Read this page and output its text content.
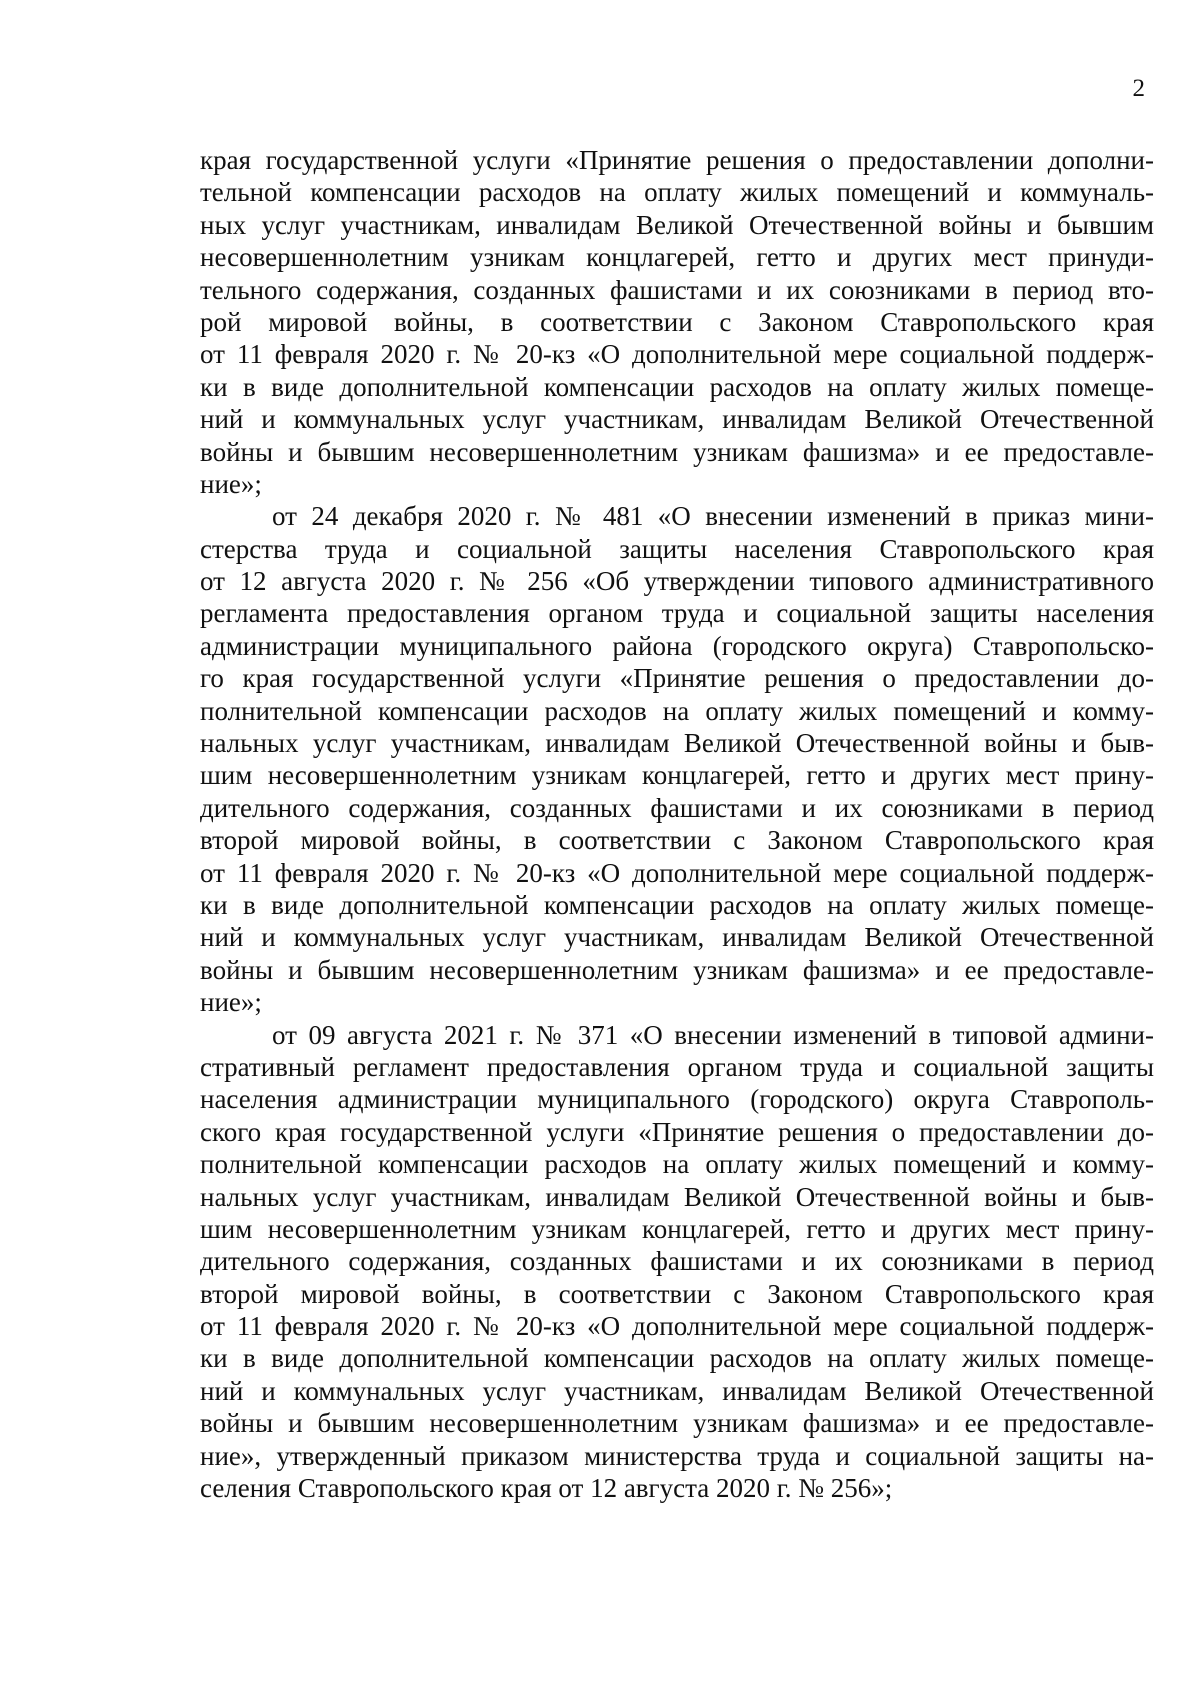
2
края государственной услуги «Принятие решения о предоставлении дополни-
тельной компенсации расходов на оплату жилых помещений и коммуналь-
ных услуг участникам, инвалидам Великой Отечественной войны и бывшим
несовершеннолетним узникам концлагерей, гетто и других мест принуди-
тельного содержания, созданных фашистами и их союзниками в период вто-
рой мировой войны, в соответствии с Законом Ставропольского края
от 11 февраля 2020 г. № 20-кз «О дополнительной мере социальной поддерж-
ки в виде дополнительной компенсации расходов на оплату жилых помеще-
ний и коммунальных услуг участникам, инвалидам Великой Отечественной
войны и бывшим несовершеннолетним узникам фашизма» и ее предоставле-
ние»;
от 24 декабря 2020 г. № 481 «О внесении изменений в приказ мини-
стерства труда и социальной защиты населения Ставропольского края
от 12 августа 2020 г. № 256 «Об утверждении типового административного
регламента предоставления органом труда и социальной защиты населения
администрации муниципального района (городского округа) Ставропольско-
го края государственной услуги «Принятие решения о предоставлении до-
полнительной компенсации расходов на оплату жилых помещений и комму-
нальных услуг участникам, инвалидам Великой Отечественной войны и быв-
шим несовершеннолетним узникам концлагерей, гетто и других мест прину-
дительного содержания, созданных фашистами и их союзниками в период
второй мировой войны, в соответствии с Законом Ставропольского края
от 11 февраля 2020 г. № 20-кз «О дополнительной мере социальной поддерж-
ки в виде дополнительной компенсации расходов на оплату жилых помеще-
ний и коммунальных услуг участникам, инвалидам Великой Отечественной
войны и бывшим несовершеннолетним узникам фашизма» и ее предоставле-
ние»;
от 09 августа 2021 г. № 371 «О внесении изменений в типовой админи-
стративный регламент предоставления органом труда и социальной защиты
населения администрации муниципального (городского) округа Ставрополь-
ского края государственной услуги «Принятие решения о предоставлении до-
полнительной компенсации расходов на оплату жилых помещений и комму-
нальных услуг участникам, инвалидам Великой Отечественной войны и быв-
шим несовершеннолетним узникам концлагерей, гетто и других мест прину-
дительного содержания, созданных фашистами и их союзниками в период
второй мировой войны, в соответствии с Законом Ставропольского края
от 11 февраля 2020 г. № 20-кз «О дополнительной мере социальной поддерж-
ки в виде дополнительной компенсации расходов на оплату жилых помеще-
ний и коммунальных услуг участникам, инвалидам Великой Отечественной
войны и бывшим несовершеннолетним узникам фашизма» и ее предоставле-
ние», утвержденный приказом министерства труда и социальной защиты на-
селения Ставропольского края от 12 августа 2020 г. № 256»;
